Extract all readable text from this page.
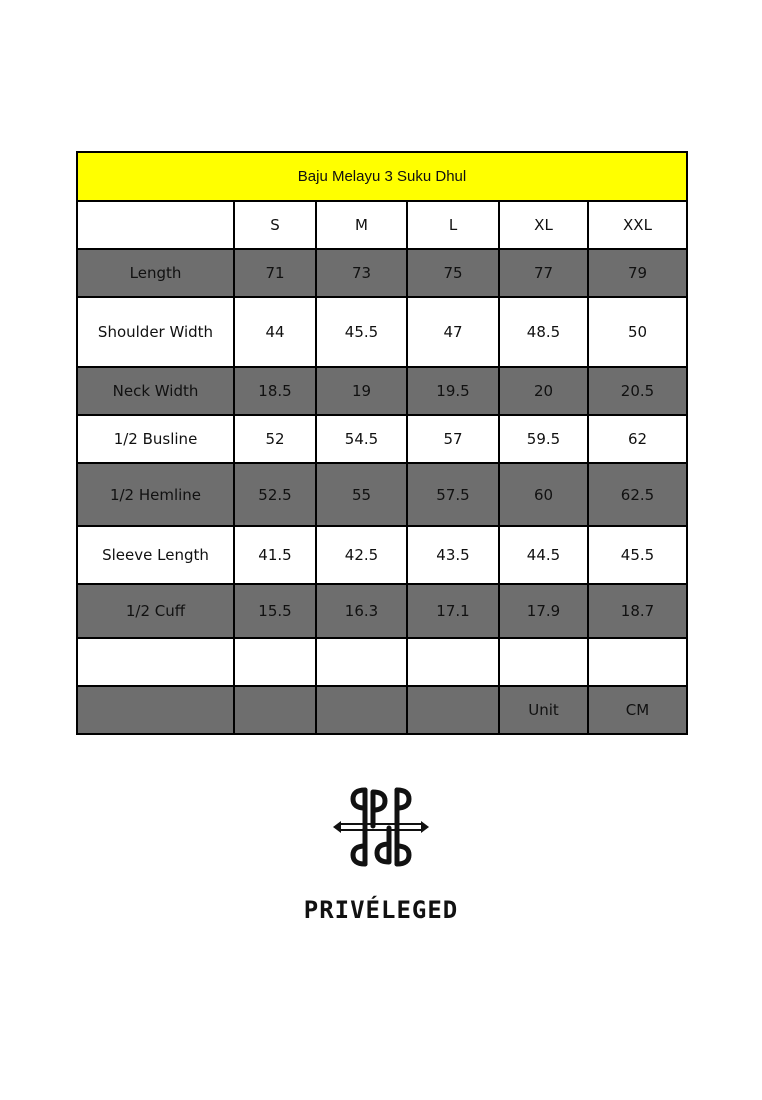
Baju Melayu 3 Suku Dhul					
	S	M	L	XL	XXL
Length	71	73	75	77	79
Shoulder Width	44	45.5	47	48.5	50
Neck Width	18.5	19	19.5	20	20.5
1/2 Busline	52	54.5	57	59.5	62
1/2 Hemline	52.5	55	57.5	60	62.5
Sleeve Length	41.5	42.5	43.5	44.5	45.5
1/2 Cuff	15.5	16.3	17.1	17.9	18.7

				Unit	CM
PRIVÉLEGED
